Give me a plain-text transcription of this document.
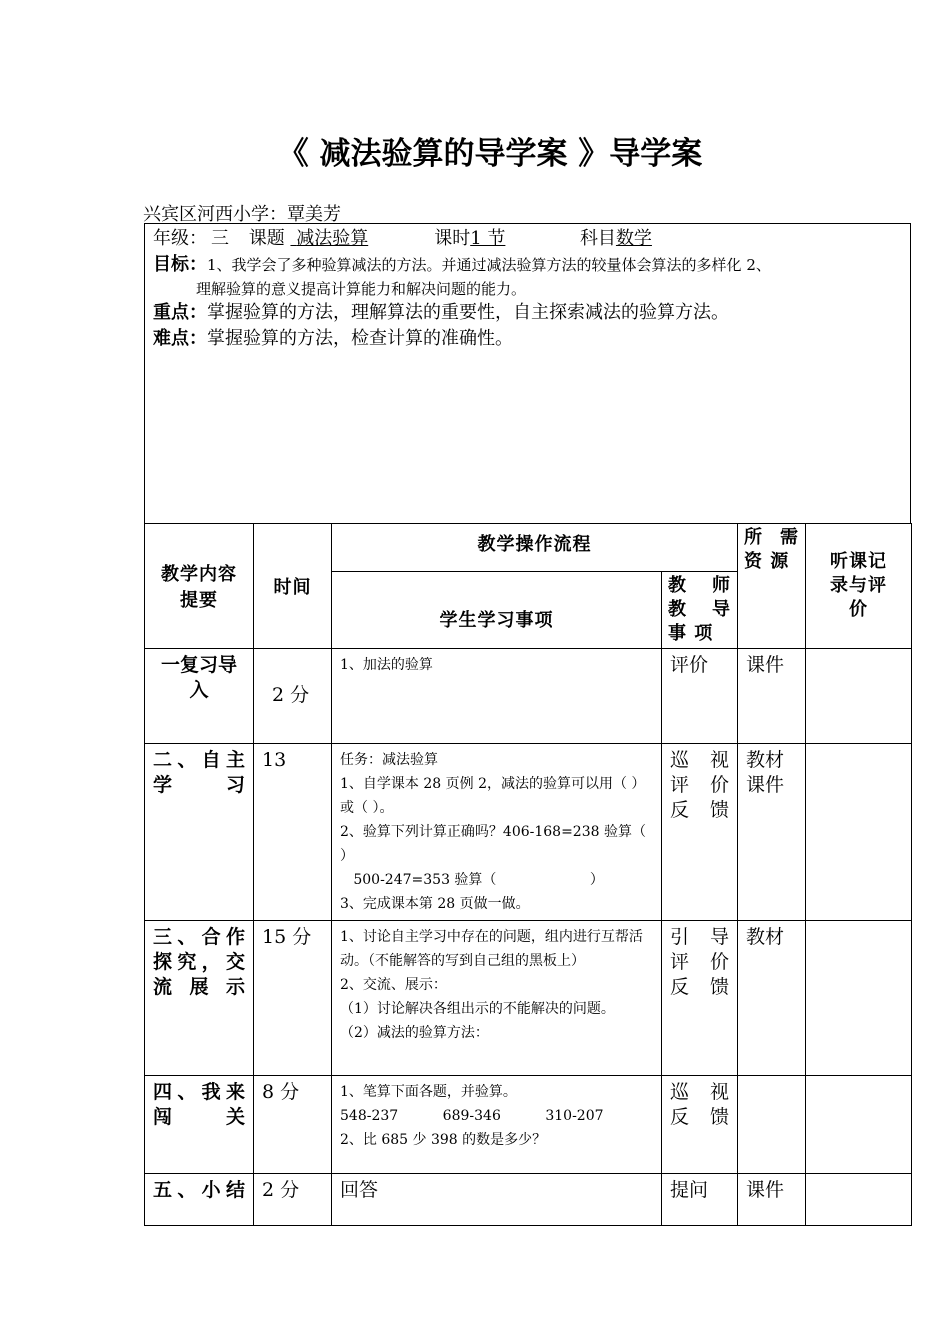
《 减法验算的导学案 》导学案
兴宾区河西小学：覃美芳
年级： 三 课题 减法验算	课时1 节	科目数学
目标：1、我学会了多种验算减法的方法。并通过减法验算方法的较量体会算法的多样化 2、
理解验算的意义提高计算能力和解决问题的能力。
重点：掌握验算的方法，理解算法的重要性，自主探索减法的验算方法。
难点：掌握验算的方法，检查计算的准确性。
教学内容提要	时间	教学操作流程		所 需 资 源	听课记录与评价
		学生学习事项	教 师 教 导 事 项		
一复习导入	2 分	1、加法的验算	评价	课件	
二、自主学习	13	任务：减法验算
1、自学课本 28 页例 2，减法的验算可以用（ ）或（ ）。
2、验算下列计算正确吗？406-168=238 验算（ ）
500-247=353 验算（                     ）
3、完成课本第 28 页做一做。	巡 视 评 价 反馈	教材 课件	
三、合作探究，交流展示	15 分	1、讨论自主学习中存在的问题，组内进行互帮活动。（不能解答的写到自己组的黑板上）
2、交流、展示：
（1）讨论解决各组出示的不能解决的问题。
（2）减法的验算方法：	引 导 评 价 反馈	教材	
四、我来闯关	8 分	1、笔算下面各题，并验算。
548-237          689-346          310-207
2、比 685 少 398 的数是多少？	巡 视 反馈		
五、小结	2 分	回答	提问	课件	
